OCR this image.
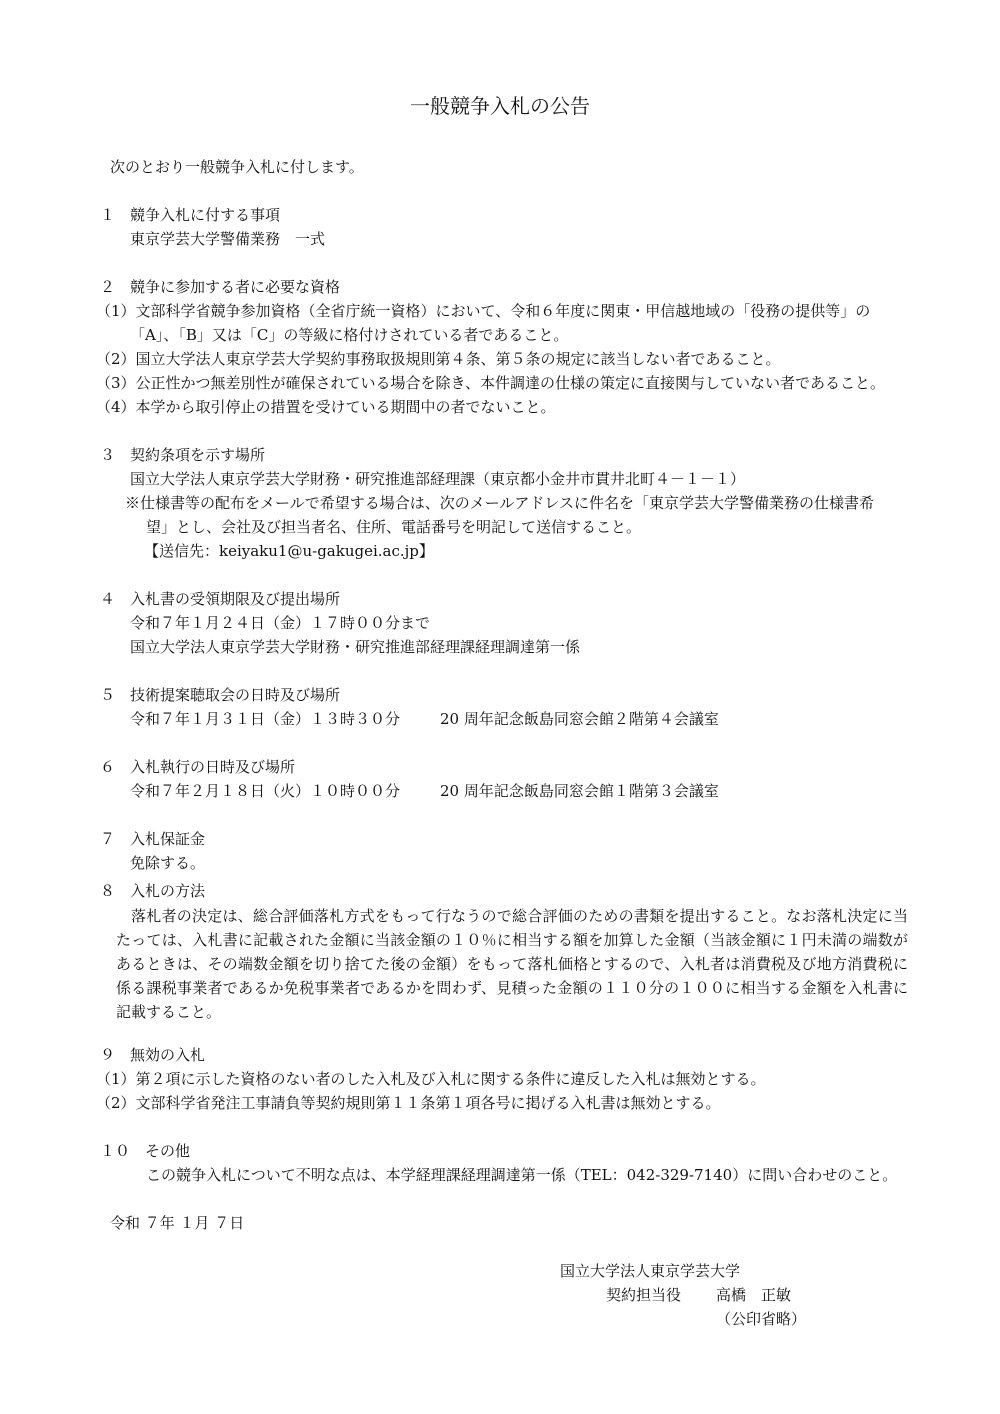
一般競争入札の公告
次のとおり一般競争入札に付します。
１　競争入札に付する事項
東京学芸大学警備業務　一式
２　競争に参加する者に必要な資格
（1）文部科学省競争参加資格（全省庁統一資格）において、令和６年度に関東・甲信越地域の「役務の提供等」の
「A」、「B」又は「C」の等級に格付けされている者であること。
（2）国立大学法人東京学芸大学契約事務取扱規則第４条、第５条の規定に該当しない者であること。
（3）公正性かつ無差別性が確保されている場合を除き、本件調達の仕様の策定に直接関与していない者であること。
（4）本学から取引停止の措置を受けている期間中の者でないこと。
３　契約条項を示す場所
国立大学法人東京学芸大学財務・研究推進部経理課（東京都小金井市貫井北町４－１－１）
※仕様書等の配布をメールで希望する場合は、次のメールアドレスに件名を「東京学芸大学警備業務の仕様書希
望」とし、会社及び担当者名、住所、電話番号を明記して送信すること。
【送信先：keiyaku1@u-gakugei.ac.jp】
４　入札書の受領期限及び提出場所
令和７年１月２４日（金）１７時００分まで
国立大学法人東京学芸大学財務・研究推進部経理課経理調達第一係
５　技術提案聴取会の日時及び場所
令和７年１月３１日（金）１３時３０分	20 周年記念飯島同窓会館２階第４会議室
６　入札執行の日時及び場所
令和７年２月１８日（火）１０時００分	20 周年記念飯島同窓会館１階第３会議室
７　入札保証金
免除する。
８　入札の方法

落札者の決定は、総合評価落札方式をもって行なうので総合評価のための書類を提出すること。なお落札決定に当たっては、入札書に記載された金額に当該金額の１０％に相当する額を加算した金額（当該金額に１円未満の端数があるときは、その端数金額を切り捨てた後の金額）をもって落札価格とするので、入札者は消費税及び地方消費税に係る課税事業者であるか免税事業者であるかを問わず、見積った金額の１１０分の１００に相当する金額を入札書に記載すること。

９　無効の入札
（1）第２項に示した資格のない者のした入札及び入札に関する条件に違反した入札は無効とする。
（2）文部科学省発注工事請負等契約規則第１１条第１項各号に掲げる入札書は無効とする。
１０　その他
この競争入札について不明な点は、本学経理課経理調達第一係（TEL：042-329-7140）に問い合わせのこと。
令和 ７年 １月 ７日
国立大学法人東京学芸大学
契約担当役 高橋　正敏
（公印省略）
